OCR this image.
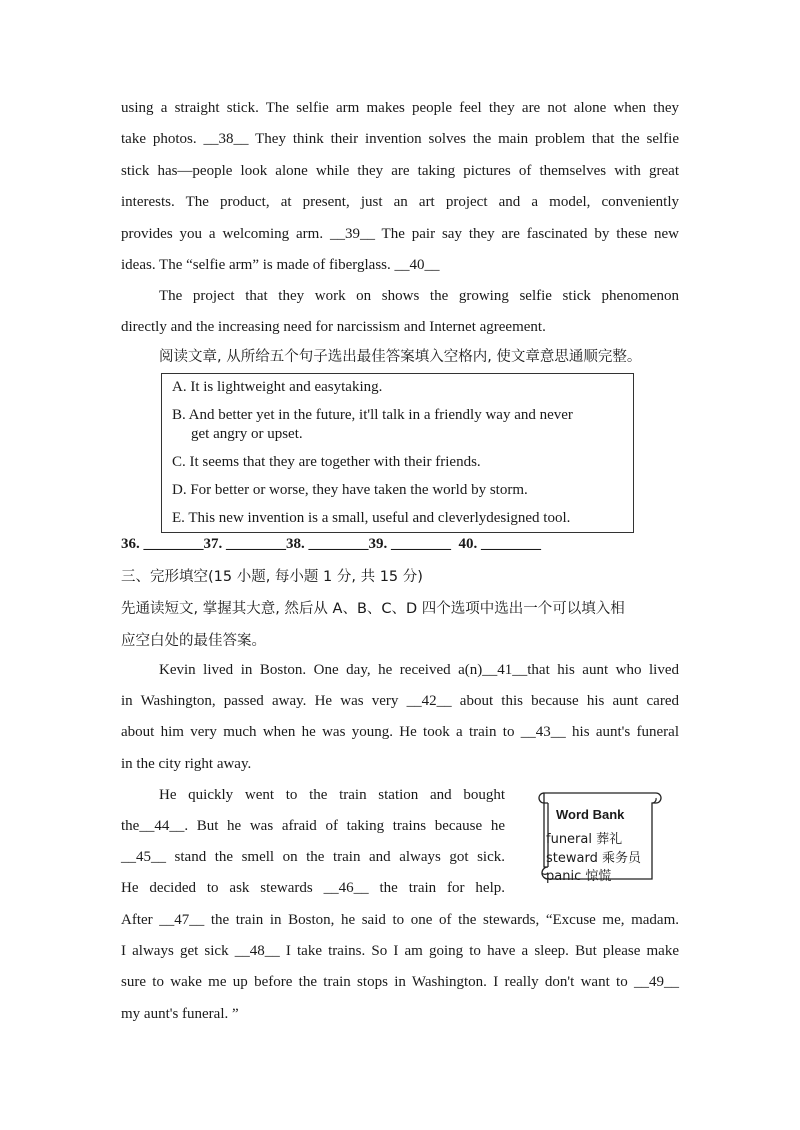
using a straight stick. The selfie arm makes people feel they are not alone when they
take photos. __38__ They think their invention solves the main problem that the selfie
stick has—people look alone while they are taking pictures of themselves with great
interests. The product, at present, just an art project and a model, conveniently
provides you a welcoming arm. __39__ The pair say they are fascinated by these new
ideas. The “selfie arm” is made of fiberglass. __40__
The project that they work on shows the growing selfie stick phenomenon
directly and the increasing need for narcissism and Internet agreement.
阅读文章, 从所给五个句子选出最佳答案填入空格内, 使文章意思通顺完整。
A. It is lightweight and easytaking.
B. And better yet in the future, it'll talk in a friendly way and never
get angry or upset.
C. It seems that they are together with their friends.
D. For better or worse, they have taken the world by storm.
E. This new invention is a small, useful and cleverlydesigned tool.
36. ________37. ________38. ________39. ________  40. ________
三、完形填空(15 小题, 每小题 1 分, 共 15 分)
先通读短文, 掌握其大意, 然后从 A、B、C、D 四个选项中选出一个可以填入相
应空白处的最佳答案。
Kevin lived in Boston. One day, he received a(n)__41__that his aunt who lived
in Washington, passed away. He was very __42__ about this because his aunt cared
about him very much when he was young. He took a train to __43__ his aunt's funeral
in the city right away.
He quickly went to the train station and bought
the__44__. But he was afraid of taking trains because he
__45__ stand the smell on the train and always got sick.
He decided to ask stewards __46__ the train for help.
After __47__ the train in Boston, he said to one of the stewards, “Excuse me, madam.
I always get sick __48__ I take trains. So I am going to have a sleep. But please make
sure to wake me up before the train stops in Washington. I really don't want to __49__
my aunt's funeral. ”
Word Bank
funeral 葬礼
steward 乘务员
panic 惊慌
